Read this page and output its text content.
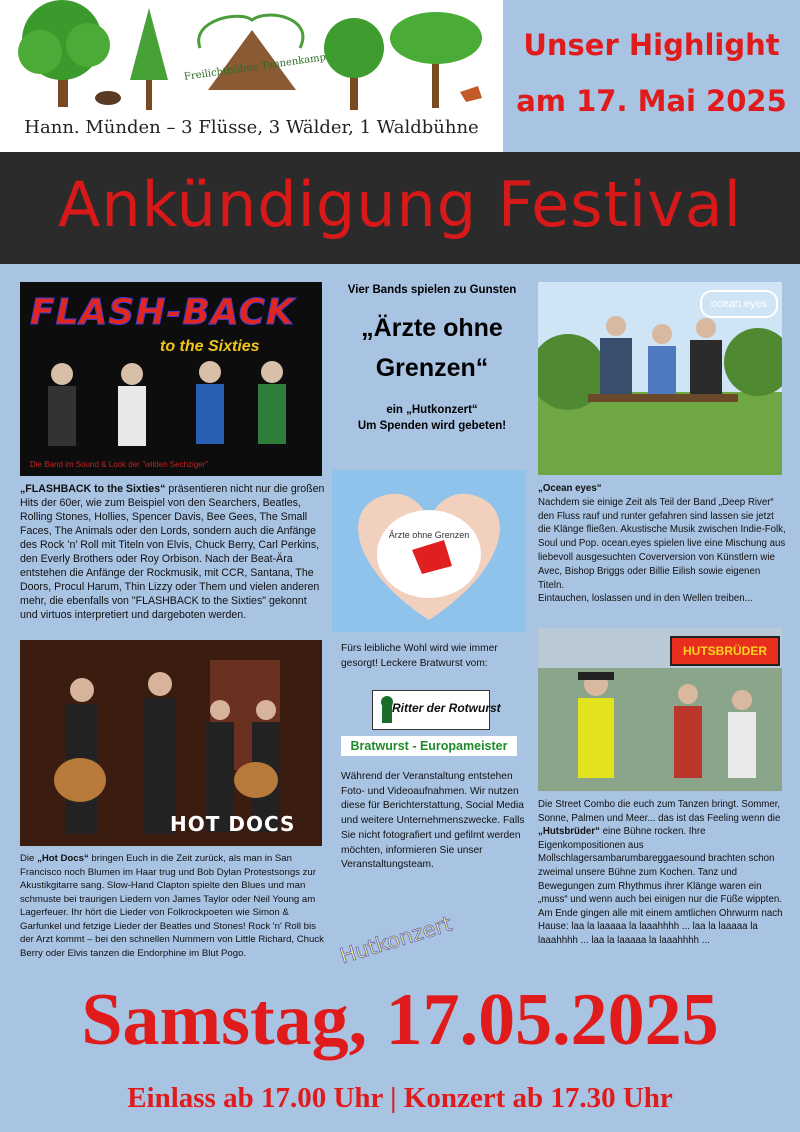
Freilichtbühne Tannenkamp
Hann. Münden – 3 Flüsse, 3 Wälder, 1 Waldbühne
Unser Highlight
am 17. Mai 2025
Ankündigung Festival
FLASH-BACK
to the Sixties
Die Band im Sound & Look der "wilden Sechziger"
„FLASHBACK to the Sixties“ präsentieren nicht nur die großen Hits der 60er, wie zum Beispiel von den Searchers, Beatles, Rolling Stones, Hollies, Spencer Davis, Bee Gees, The Small Faces, The Animals oder den Lords, sondern auch die Anfänge des Rock ’n’ Roll mit Titeln von Elvis, Chuck Berry, Carl Perkins, den Everly Brothers oder Roy Orbison. Nach der Beat-Ära entstehen die Anfänge der Rockmusik, mit CCR, Santana, The Doors, Procul Harum, Thin Lizzy oder Them und vielen anderen mehr, die ebenfalls von "FLASHBACK to the Sixties" gekonnt und virtuos interpretiert und dargeboten werden.
HOT DOCS
Die „Hot Docs“ bringen Euch in die Zeit zurück, als man in San Francisco noch Blumen im Haar trug und Bob Dylan Protestsongs zur Akustikgitarre sang. Slow-Hand Clapton spielte den Blues und man schmuste bei traurigen Liedern von James Taylor oder Neil Young am Lagerfeuer. Ihr hört die Lieder von Folkrockpoeten wie Simon & Garfunkel und fetzige Lieder der Beatles und Stones! Rock 'n' Roll bis der Arzt kommt – bei den schnellen Nummern von Little Richard, Chuck Berry oder Elvis tanzen die Endorphine im Blut Pogo.
Vier Bands spielen zu Gunsten
„Ärzte ohne
Grenzen“
ein „Hutkonzert“
Um Spenden wird gebeten!
Ärzte ohne Grenzen
Fürs leibliche Wohl wird wie immer gesorgt! Leckere Bratwurst vom:
Ritter der Rotwurst
Bratwurst - Europameister
Während der Veranstaltung entstehen Foto- und Videoaufnahmen. Wir nutzen diese für Berichterstattung, Social Media und weitere Unternehmenszwecke. Falls Sie nicht fotografiert und gefilmt werden möchten, informieren Sie unser Veranstaltungsteam.
Hutkonzert
ocean.eyes
„Ocean eyes“
Nachdem sie einige Zeit als Teil der Band „Deep River“ den Fluss rauf und runter gefahren sind lassen sie jetzt die Klänge fließen. Akustische Musik zwischen Indie-Folk, Soul und Pop. ocean.eyes spielen live eine Mischung aus liebevoll ausgesuchten Coverversion von Künstlern wie Avec, Bishop Briggs oder Billie Eilish sowie eigenen Titeln.
Eintauchen, loslassen und in den Wellen treiben...
HUTSBRÜDER
Die Street Combo die euch zum Tanzen bringt. Sommer, Sonne, Palmen und Meer... das ist das Feeling wenn die „Hutsbrüder“ eine Bühne rocken. Ihre Eigenkompositionen aus Mollschlagersambarumbareggaesound brachten schon zweimal unsere Bühne zum Kochen. Tanz und Bewegungen zum Rhythmus ihrer Klänge waren ein „muss“ und wenn auch bei einigen nur die Füße wippten. Am Ende gingen alle mit einem amtlichen Ohrwurm nach Hause: laa la laaaaa la laaahhhh ... laa la laaaaa la laaahhhh ... laa la laaaaa la laaahhhh ...
Samstag, 17.05.2025
Einlass ab 17.00 Uhr | Konzert ab 17.30 Uhr
